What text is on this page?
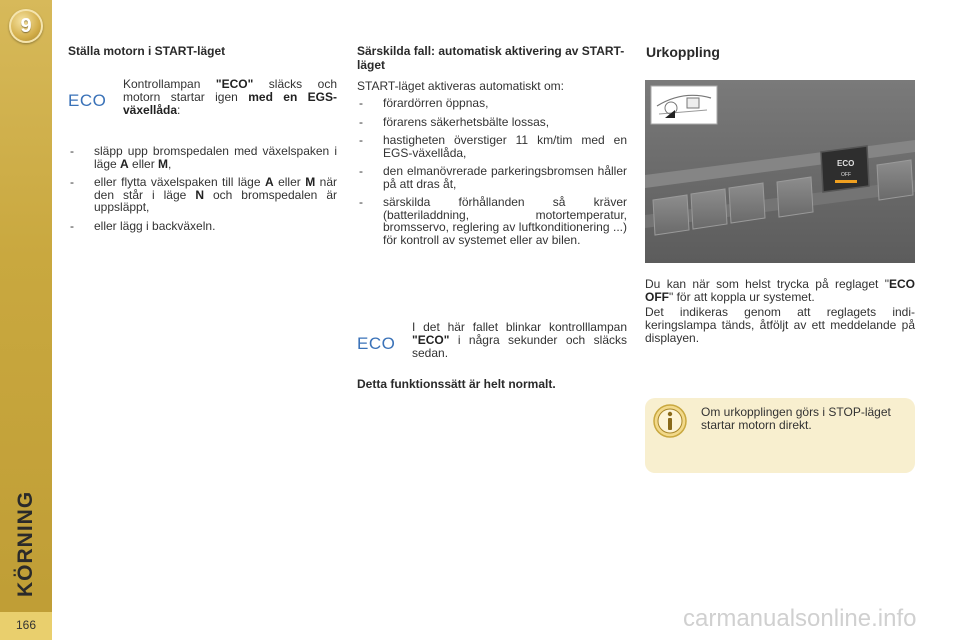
9
KÖRNING
166
Ställa motorn i START-läget
ECO
Kontrollampan "ECO" släcks och motorn startar igen med en EGS-växellåda:
- släpp upp bromspedalen med växelspaken i läge A eller M,
- eller flytta växelspaken till läge A eller M när den står i läge N och bromspedalen är uppsläppt,
- eller lägg i backväxeln.
Särskilda fall: automatisk aktivering av START-läget
START-läget aktiveras automatiskt om:
- förardörren öppnas,
- förarens säkerhetsbälte lossas,
- hastigheten överstiger 11 km/tim med en EGS-växellåda,
- den elmanövrerade parkeringsbromsen håller på att dras åt,
- särskilda förhållanden så kräver (batteriladdning, motortemperatur, bromsservo, reglering av luftkonditionering ...) för kontroll av systemet eller av bilen.
ECO
I det här fallet blinkar kontrolllampan "ECO" i några sekunder och släcks sedan.
Detta funktionssätt är helt normalt.
Urkoppling
ECO
OFF
Du kan när som helst trycka på reglaget "ECO OFF" för att koppla ur systemet.
Det indikeras genom att reglagets indikeringslampa tänds, åtföljt av ett meddelande på displayen.
Om urkopplingen görs i STOP-läget startar motorn direkt.
carmanualsonline.info
